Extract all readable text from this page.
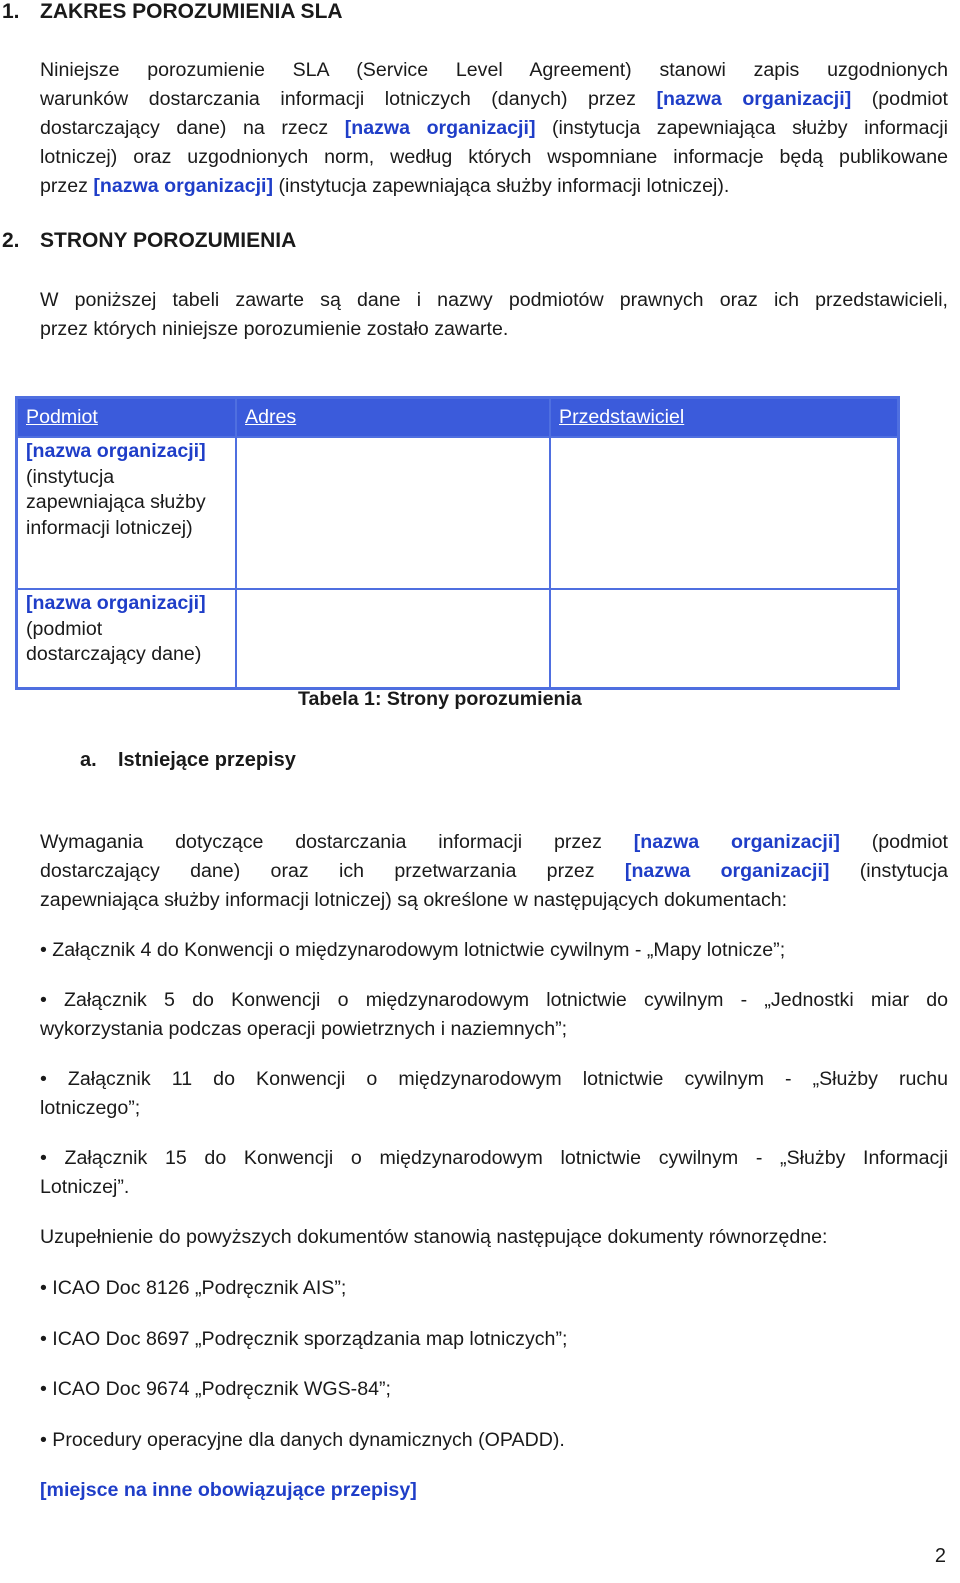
1. ZAKRES POROZUMIENIA SLA
Niniejsze porozumienie SLA (Service Level Agreement) stanowi zapis uzgodnionych
warunków dostarczania informacji lotniczych (danych) przez [nazwa organizacji] (podmiot
dostarczający dane) na rzecz [nazwa organizacji] (instytucja zapewniająca służby informacji
lotniczej) oraz uzgodnionych norm, według których wspomniane informacje będą publikowane
przez [nazwa organizacji] (instytucja zapewniająca służby informacji lotniczej).
2. STRONY POROZUMIENIA
W poniższej tabeli zawarte są dane i nazwy podmiotów prawnych oraz ich przedstawicieli,
przez których niniejsze porozumienie zostało zawarte.
Podmiot	Adres	Przedstawiciel
[nazwa organizacji]
(instytucja zapewniająca służby informacji lotniczej)		
[nazwa organizacji]
(podmiot dostarczający dane)		
Tabela 1: Strony porozumienia
a. Istniejące przepisy
Wymagania dotyczące dostarczania informacji przez [nazwa organizacji] (podmiot
dostarczający dane) oraz ich przetwarzania przez [nazwa organizacji] (instytucja
zapewniająca służby informacji lotniczej) są określone w następujących dokumentach:
• Załącznik 4 do Konwencji o międzynarodowym lotnictwie cywilnym - „Mapy lotnicze”;
• Załącznik 5 do Konwencji o międzynarodowym lotnictwie cywilnym - „Jednostki miar do
wykorzystania podczas operacji powietrznych i naziemnych”;
• Załącznik 11 do Konwencji o międzynarodowym lotnictwie cywilnym - „Służby ruchu
lotniczego”;
• Załącznik 15 do Konwencji o międzynarodowym lotnictwie cywilnym - „Służby Informacji
Lotniczej”.
Uzupełnienie do powyższych dokumentów stanowią następujące dokumenty równorzędne:
• ICAO Doc 8126 „Podręcznik AIS”;
• ICAO Doc 8697 „Podręcznik sporządzania map lotniczych”;
• ICAO Doc 9674 „Podręcznik WGS-84”;
• Procedury operacyjne dla danych dynamicznych (OPADD).
[miejsce na inne obowiązujące przepisy]
2
